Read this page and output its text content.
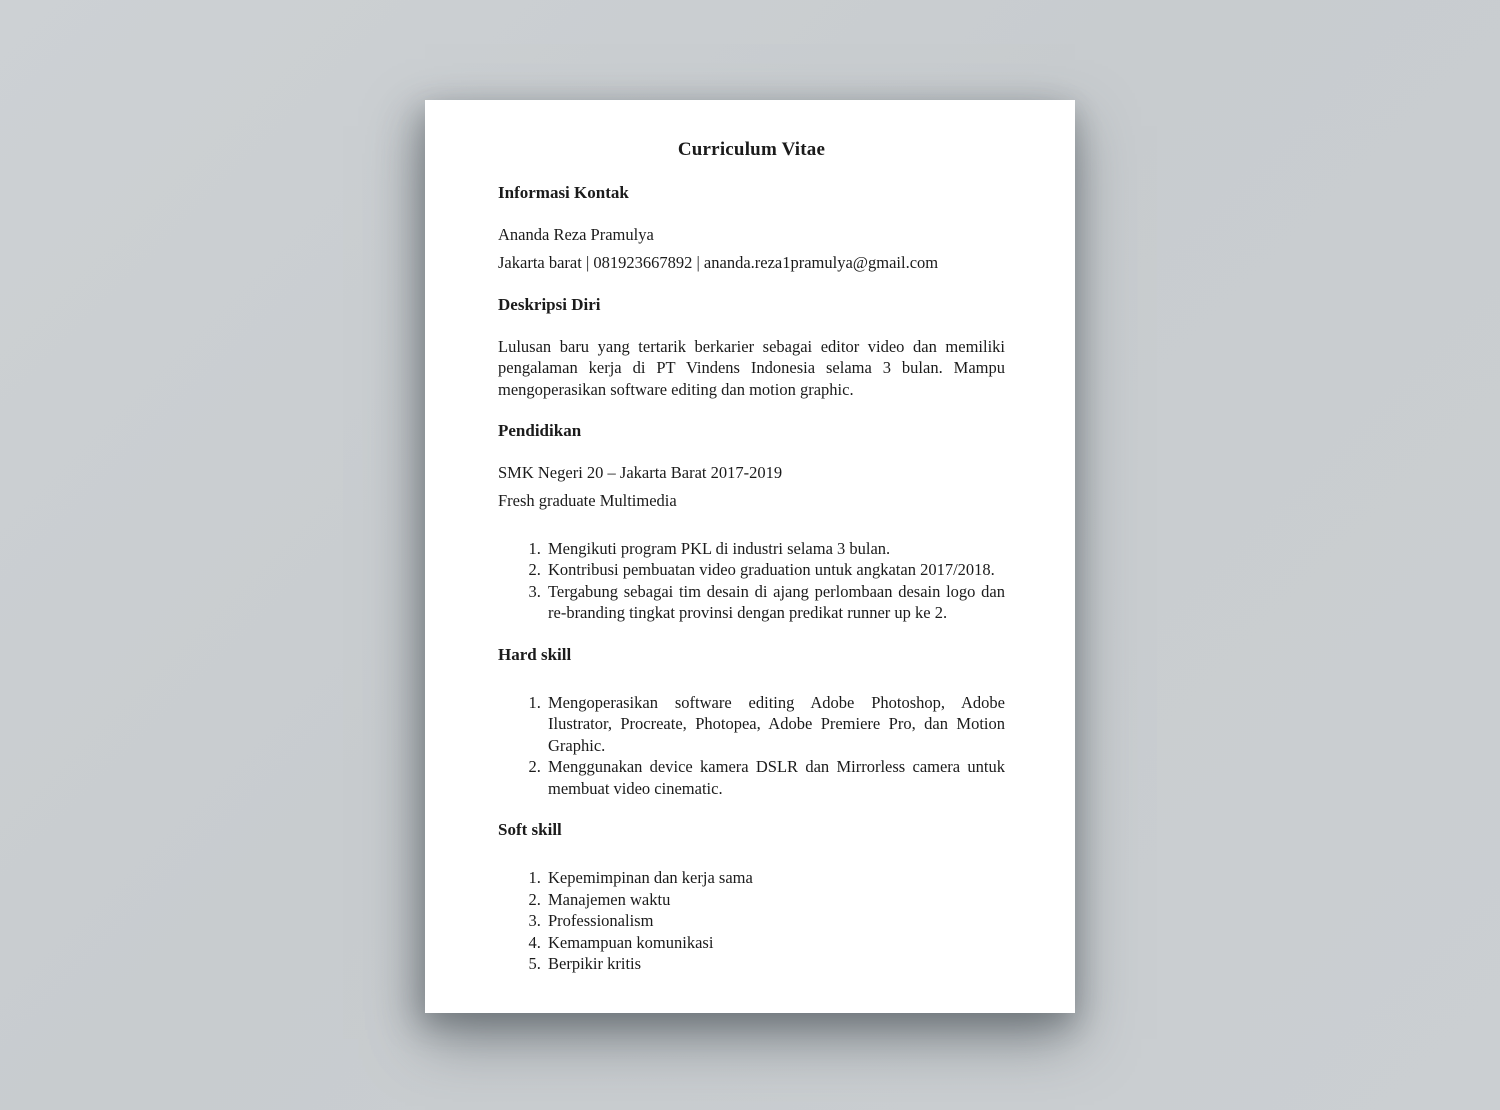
Curriculum Vitae
Informasi Kontak

Ananda Reza Pramulya

Jakarta barat | 081923667892 | ananda.reza1pramulya@gmail.com

Deskripsi Diri

Lulusan baru yang tertarik berkarier sebagai editor video dan memiliki pengalaman kerja di PT Vindens Indonesia selama 3 bulan. Mampu mengoperasikan software editing dan motion graphic.

Pendidikan

SMK Negeri 20 – Jakarta Barat 2017-2019

Fresh graduate Multimedia

1. Mengikuti program PKL di industri selama 3 bulan.
2. Kontribusi pembuatan video graduation untuk angkatan 2017/2018.
3. Tergabung sebagai tim desain di ajang perlombaan desain logo dan re-branding tingkat provinsi dengan predikat runner up ke 2.
Hard skill
1. Mengoperasikan software editing Adobe Photoshop, Adobe Ilustrator, Procreate, Photopea, Adobe Premiere Pro, dan Motion Graphic.
2. Menggunakan device kamera DSLR dan Mirrorless camera untuk membuat video cinematic.
Soft skill
1. Kepemimpinan dan kerja sama
2. Manajemen waktu
3. Professionalism
4. Kemampuan komunikasi
5. Berpikir kritis
